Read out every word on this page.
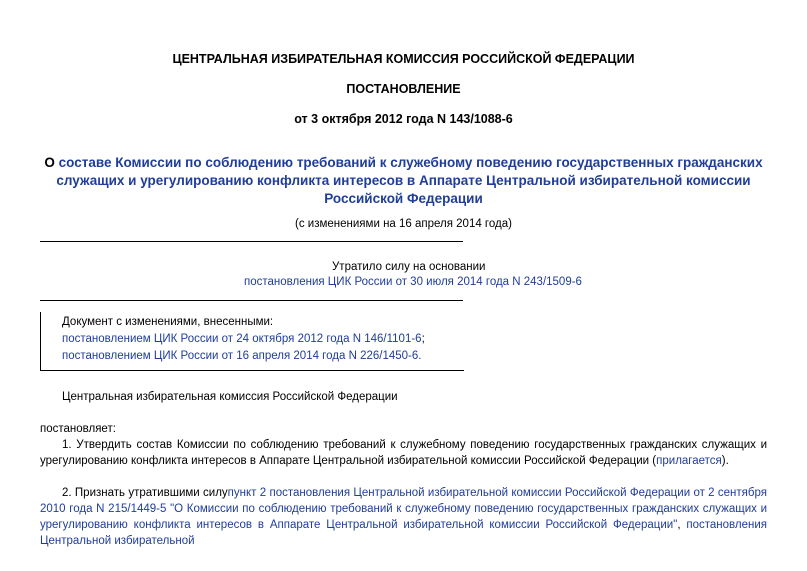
ЦЕНТРАЛЬНАЯ ИЗБИРАТЕЛЬНАЯ КОМИССИЯ РОССИЙСКОЙ ФЕДЕРАЦИИ
ПОСТАНОВЛЕНИЕ
от 3 октября 2012 года N 143/1088-6
О составе Комиссии по соблюдению требований к служебному поведению государственных гражданских служащих и урегулированию конфликта интересов в Аппарате Центральной избирательной комиссии Российской Федерации
(с изменениями на 16 апреля 2014 года)
Утратило силу на основании
постановления ЦИК России от 30 июля 2014 года N 243/1509-6
Документ с изменениями, внесенными:
постановлением ЦИК России от 24 октября 2012 года N 146/1101-6;
постановлением ЦИК России от 16 апреля 2014 года N 226/1450-6.
Центральная избирательная комиссия Российской Федерации
постановляет:
1. Утвердить состав Комиссии по соблюдению требований к служебному поведению государственных гражданских служащих и урегулированию конфликта интересов в Аппарате Центральной избирательной комиссии Российской Федерации (прилагается).
2. Признать утратившими силупункт 2 постановления Центральной избирательной комиссии Российской Федерации от 2 сентября 2010 года N 215/1449-5 "О Комиссии по соблюдению требований к служебному поведению государственных гражданских служащих и урегулированию конфликта интересов в Аппарате Центральной избирательной комиссии Российской Федерации", постановления Центральной избирательной
